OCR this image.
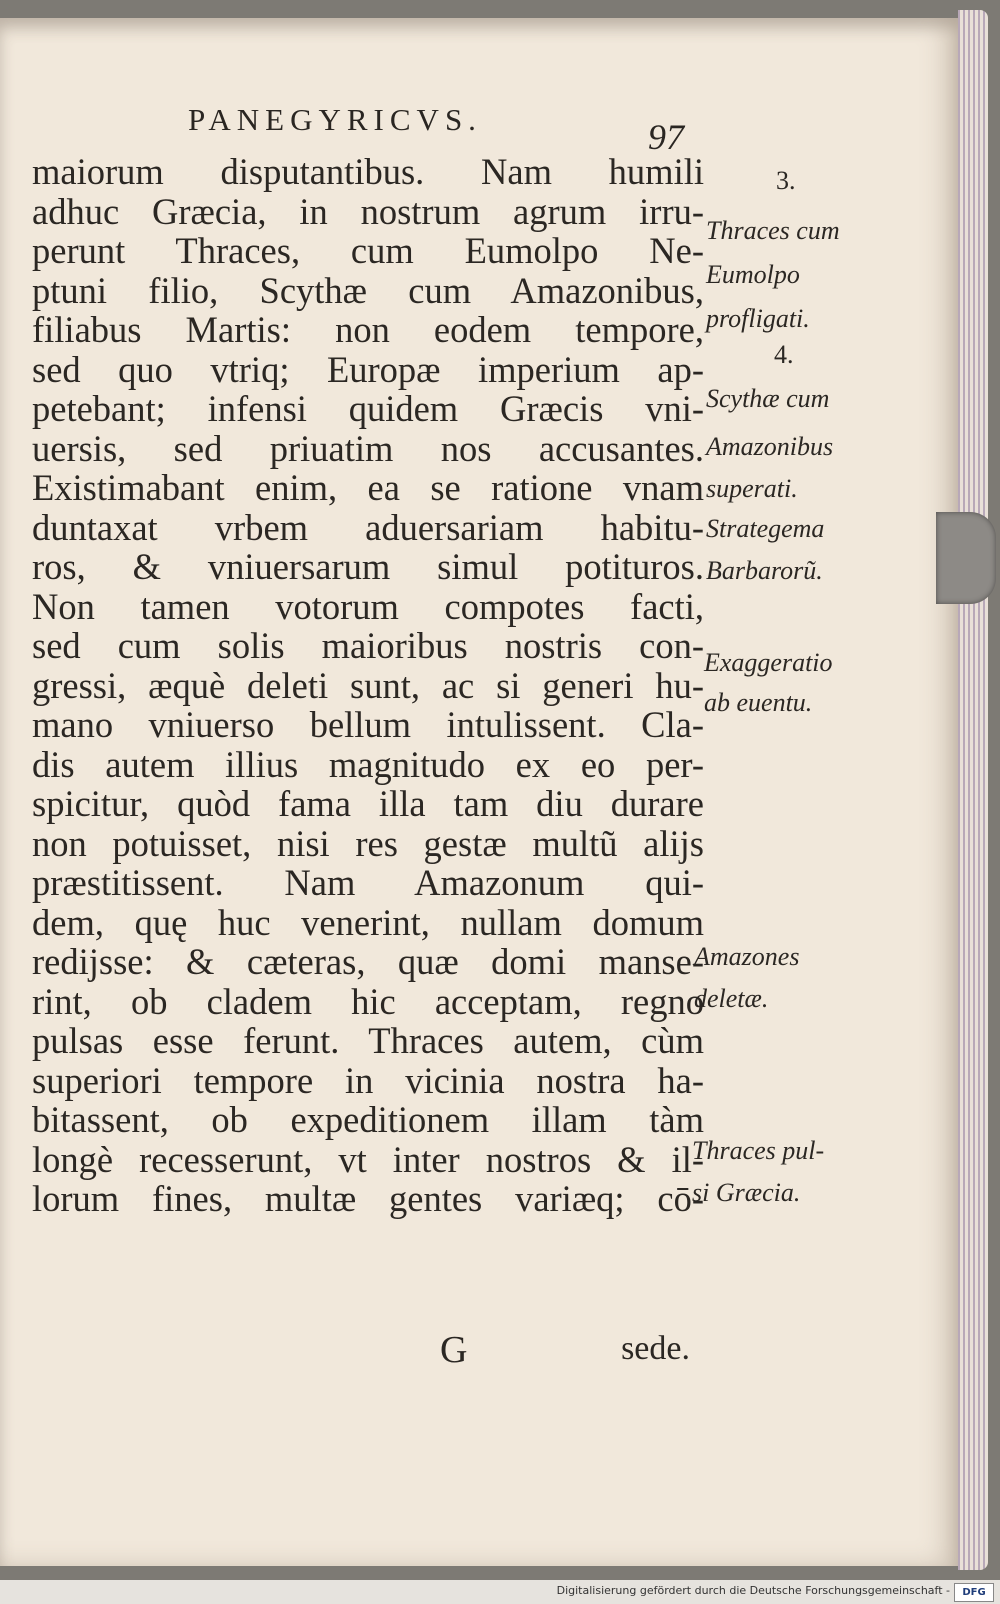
PANEGYRICVS.	97
maiorum disputantibus. Nam humili
adhuc Græcia, in nostrum agrum irru-
perunt Thraces, cum Eumolpo Ne-
ptuni filio, Scythæ cum Amazonibus,
filiabus Martis: non eodem tempore,
sed quo vtriq; Europæ imperium ap-
petebant; infensi quidem Græcis vni-
uersis, sed priuatim nos accusantes.
Existimabant enim, ea se ratione vnam
duntaxat vrbem aduersariam habitu-
ros, & vniuersarum simul potituros.
Non tamen votorum compotes facti,
sed cum solis maioribus nostris con-
gressi, æquè deleti sunt, ac si generi hu-
mano vniuerso bellum intulissent. Cla-
dis autem illius magnitudo ex eo per-
spicitur, quòd fama illa tam diu durare
non potuisset, nisi res gestæ multũ alijs
præstitissent. Nam Amazonum qui-
dem, quę huc venerint, nullam domum
redijsse: & cæteras, quæ domi manse-
rint, ob cladem hic acceptam, regno
pulsas esse ferunt. Thraces autem, cùm
superiori tempore in vicinia nostra ha-
bitassent, ob expeditionem illam tàm
longè recesserunt, vt inter nostros & il-
lorum fines, multæ gentes variæq; cō-
G	sede.
3.
Thraces cum
Eumolpo
profligati.
4.
Scythæ cum
Amazonibus
superati.
Strategema
Barbarorũ.
Exaggeratio
ab euentu.
Amazones
deletæ.
Thraces pul-
si Græcia.
Digitalisierung gefördert durch die Deutsche Forschungsgemeinschaft -	DFG
